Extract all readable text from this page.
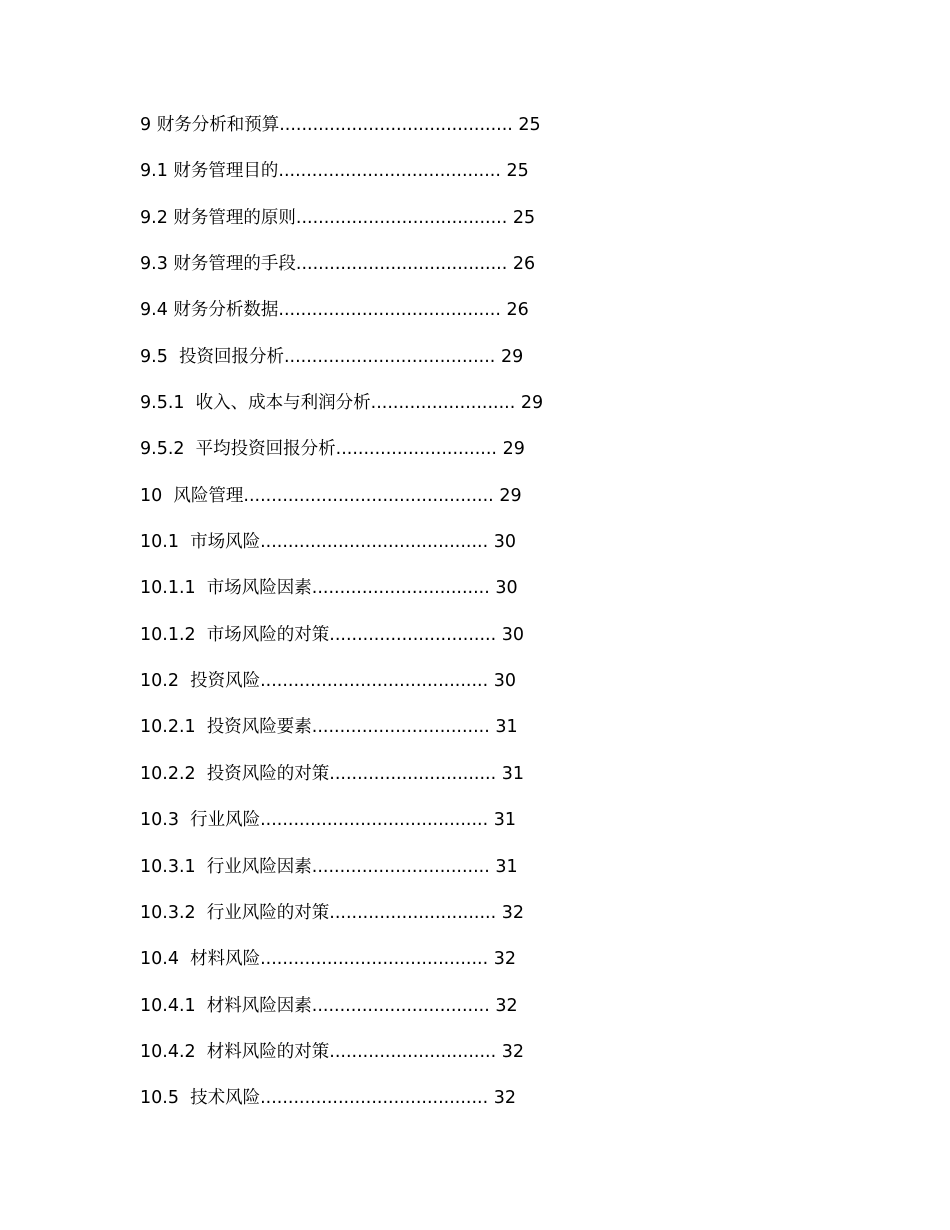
9 财务分析和预算.......................................... 25
9.1 财务管理目的........................................ 25
9.2 财务管理的原则...................................... 25
9.3 财务管理的手段...................................... 26
9.4 财务分析数据........................................ 26
9.5  投资回报分析...................................... 29
9.5.1  收入、成本与利润分析.......................... 29
9.5.2  平均投资回报分析............................. 29
10  风险管理............................................. 29
10.1  市场风险......................................... 30
10.1.1  市场风险因素................................ 30
10.1.2  市场风险的对策.............................. 30
10.2  投资风险......................................... 30
10.2.1  投资风险要素................................ 31
10.2.2  投资风险的对策.............................. 31
10.3  行业风险......................................... 31
10.3.1  行业风险因素................................ 31
10.3.2  行业风险的对策.............................. 32
10.4  材料风险......................................... 32
10.4.1  材料风险因素................................ 32
10.4.2  材料风险的对策.............................. 32
10.5  技术风险......................................... 32
